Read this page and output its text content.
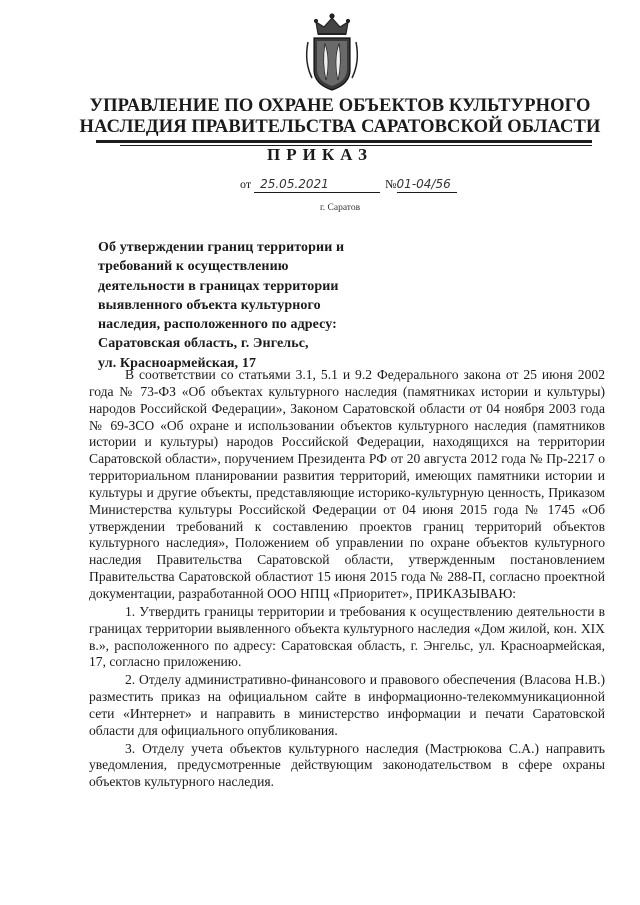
УПРАВЛЕНИЕ ПО ОХРАНЕ ОБЪЕКТОВ КУЛЬТУРНОГО
НАСЛЕДИЯ ПРАВИТЕЛЬСТВА САРАТОВСКОЙ ОБЛАСТИ
ПРИКАЗ
от 25.05.2021	№01-04/56
г. Саратов
Об утверждении границ территории и
требований к осуществлению
деятельности в границах территории
выявленного объекта культурного
наследия, расположенного по адресу:
Саратовская область, г. Энгельс,
ул. Красноармейская, 17

В соответствии со статьями 3.1, 5.1 и 9.2 Федерального закона от 25 июня 2002 года № 73-ФЗ «Об объектах культурного наследия (памятниках истории и культуры) народов Российской Федерации», Законом Саратовской области от 04 ноября 2003 года № 69-ЗСО «Об охране и использовании объектов культурного наследия (памятников истории и культуры) народов Российской Федерации, находящихся на территории Саратовской области», поручением Президента РФ от 20 августа 2012 года № Пр-2217 о территориальном планировании развития территорий, имеющих памятники истории и культуры и другие объекты, представляющие историко-культурную ценность, Приказом Министерства культуры Российской Федерации от 04 июня 2015 года № 1745 «Об утверждении требований к составлению проектов границ территорий объектов культурного наследия», Положением об управлении по охране объектов культурного наследия Правительства Саратовской области, утвержденным постановлением Правительства Саратовской областиот 15 июня 2015 года № 288-П, согласно проектной документации, разработанной ООО НПЦ «Приоритет», ПРИКАЗЫВАЮ:

1. Утвердить границы территории и требования к осуществлению деятельности в границах территории выявленного объекта культурного наследия «Дом жилой, кон. XIX в.», расположенного по адресу: Саратовская область, г. Энгельс, ул. Красноармейская, 17, согласно приложению.

2. Отделу административно-финансового и правового обеспечения (Власова Н.В.) разместить приказ на официальном сайте в информационно-телекоммуникационной сети «Интернет» и направить в министерство информации и печати Саратовской области для официального опубликования.

3. Отделу учета объектов культурного наследия (Мастрюкова С.А.) направить уведомления, предусмотренные действующим законодательством в сфере охраны объектов культурного наследия.
